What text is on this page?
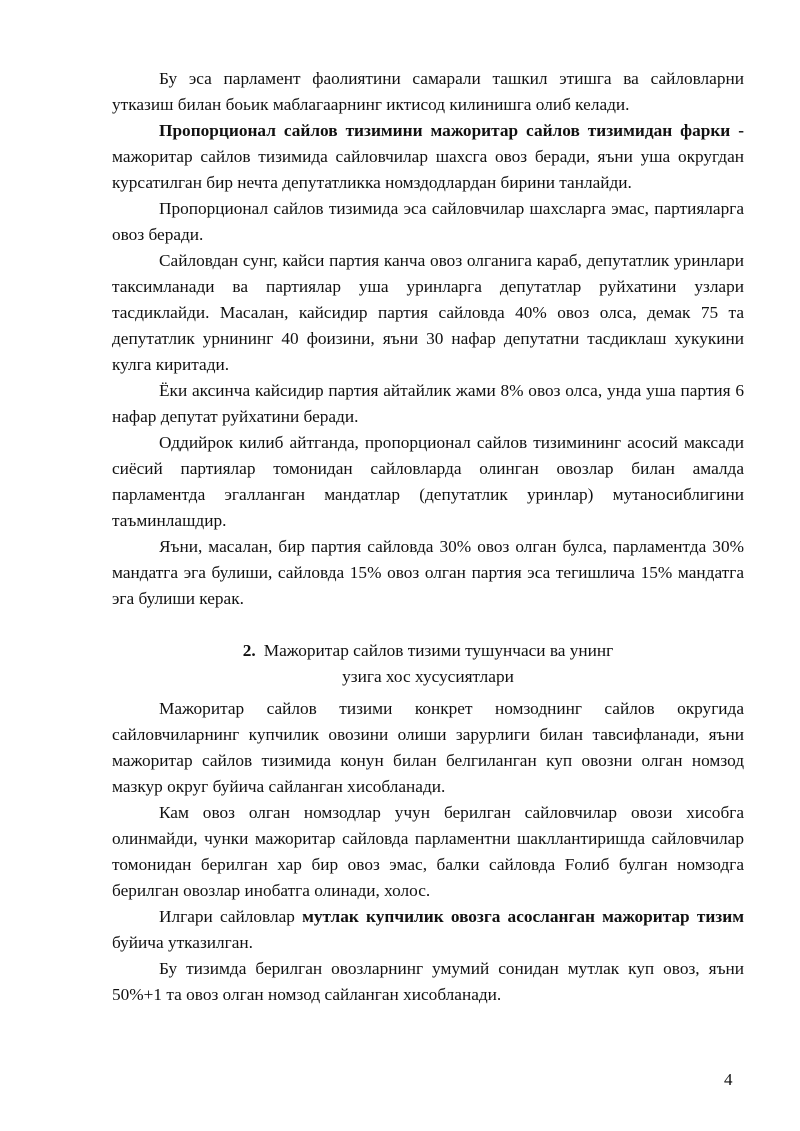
Бу эса парламент фаолиятини самарали ташкил этишга ва сайловларни утказиш билан боьик маблагаарнинг иктисод килинишга олиб келади.

Пропорционал сайлов тизимини мажоритар сайлов тизимидан фарки - мажоритар сайлов тизимида сайловчилар шахсга овоз беради, яъни уша округдан курсатилган бир нечта депутатликка номздодлардан бирини танлайди.

Пропорционал сайлов тизимида эса сайловчилар шахсларга эмас, партияларга овоз беради.

Сайловдан сунг, кайси партия канча овоз олганига караб, депутатлик уринлари таксимланади ва партиялар уша уринларга депутатлар руйхатини узлари тасдиклайди. Масалан, кайсидир партия сайловда 40% овоз олса, демак 75 та депутатлик урнининг 40 фоизини, яъни 30 нафар депутатни тасдиклаш хукукини кулга киритади.

Ёки аксинча кайсидир партия айтайлик жами 8% овоз олса, унда уша партия 6 нафар депутат руйхатини беради.

Оддийрок килиб айтганда, пропорционал сайлов тизимининг асосий максади сиёсий партиялар томонидан сайловларда олинган овозлар билан амалда парламентда эгалланган мандатлар (депутатлик уринлар) мутаносиблигини таъминлашдир.

Яъни, масалан, бир партия сайловда 30% овоз олган булса, парламентда 30% мандатга эга булиши, сайловда 15% овоз олган партия эса тегишлича 15% мандатга эга булиши керак.

2. Мажоритар сайлов тизими тушунчаси ва унинг
узига хос хусусиятлари

Мажоритар сайлов тизими конкрет номзоднинг сайлов округида сайловчиларнинг купчилик овозини олиши зарурлиги билан тавсифланади, яъни мажоритар сайлов тизимида конун билан белгиланган куп овозни олган номзод мазкур округ буйича сайланган хисобланади.

Кам овоз олган номзодлар учун берилган сайловчилар овози хисобга олинмайди, чунки мажоритар сайловда парламентни шакллантиришда сайловчилар томонидан берилган хар бир овоз эмас, балки сайловда Fолиб булган номзодга берилган овозлар инобатга олинади, холос.

Илгари сайловлар мутлак купчилик овозга асосланган мажоритар тизим буйича утказилган.

Бу тизимда берилган овозларнинг умумий сонидан мутлак куп овоз, яъни 50%+1 та овоз олган номзод сайланган хисобланади.

4
